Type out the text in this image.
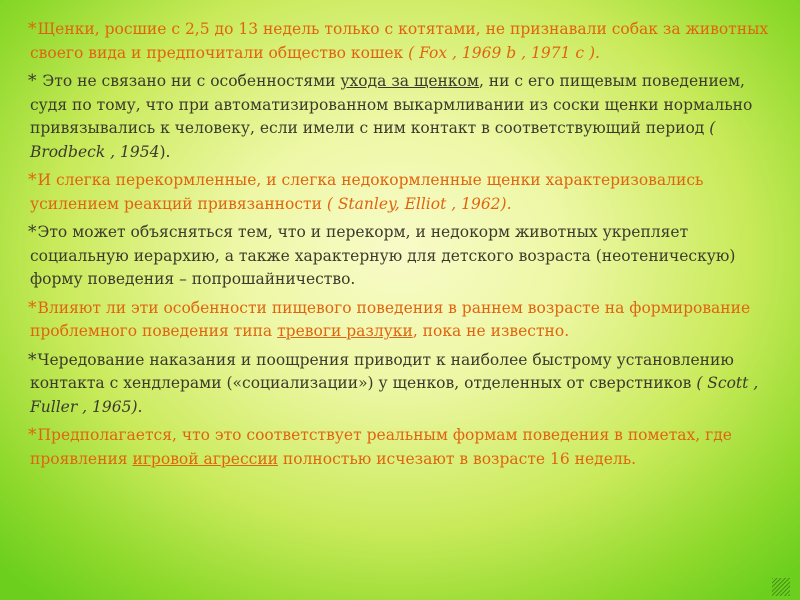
*Щенки, росшие с 2,5 до 13 недель только с котятами, не признавали собак за животных своего вида и предпочитали общество кошек ( Fox , 1969 b , 1971 c ).

* Это не связано ни с особенностями ухода за щенком, ни с его пищевым поведением, судя по тому, что при автоматизированном выкармливании из соски щенки нормально привязывались к человеку, если имели с ним контакт в соответствующий период ( Brodbeck , 1954).

*И слегка перекормленные, и слегка недокормленные щенки характеризовались усилением реакций привязанности ( Stanley, Elliot , 1962).

*Это может объясняться тем, что и перекорм, и недокорм животных укрепляет социальную иерархию, а также характерную для детского возраста (неотеническую) форму поведения – попрошайничество.

*Влияют ли эти особенности пищевого поведения в раннем возрасте на формирование проблемного поведения типа тревоги разлуки, пока не известно.

*Чередование наказания и поощрения приводит к наиболее быстрому установлению контакта с хендлерами («социализации») у щенков, отделенных от сверстников ( Scott , Fuller , 1965).

*Предполагается, что это соответствует реальным формам поведения в пометах, где проявления игровой агрессии полностью исчезают в возрасте 16 недель.
